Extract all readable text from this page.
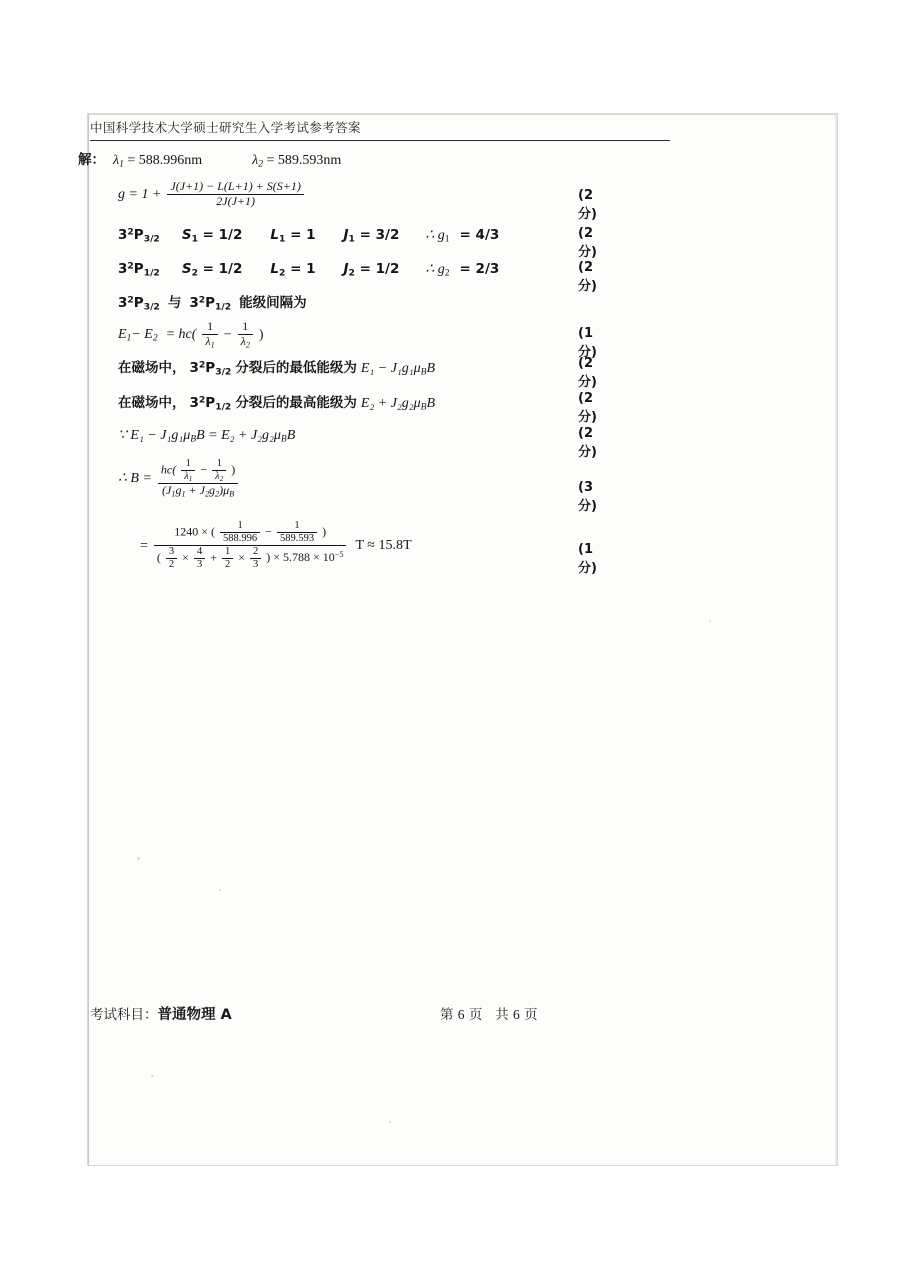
中国科学技术大学硕士研究生入学考试参考答案
解： $\lambda_1 = 588.996nm$	$\lambda_2 = 589.593nm$
$g = 1 + \frac{J(J+1) - L(L+1) + S(S+1)}{2J(J+1)}$	(2 分)
$3^2P_{3/2}$ $S_1 = 1/2$ $L_1 = 1$ $J_1 = 3/2$ ∴ $g_1 = 4/3$	(2 分)
$3^2P_{1/2}$ $S_2 = 1/2$ $L_2 = 1$ $J_2 = 1/2$ ∴ $g_2 = 2/3$	(2 分)
$3^2P_{3/2}$ 与 $3^2P_{1/2}$ 能级间隔为
$E_1- E_2 = hc( \frac{1}{\lambda_1} - \frac{1}{\lambda_2}$ )	(1 分)
在磁场中， $3^2P_{3/2}$ 分裂后的最低能级为 $E_1 - J_1g_1\mu_BB$	(2 分)
在磁场中， $3^2P_{1/2}$ 分裂后的最高能级为 $E_2 + J_2g_2\mu_BB$	(2 分)
∵ $E_1 - J_1g_1\mu_BB = E_2 + J_2g_2\mu_BB$	(2 分)
∴ B =
$hc( \frac{1}{\lambda_1} - \frac{1}{\lambda_2}$ )
$(J_1g_1 + J_2g_2)\mu_B$	(3 分)
=
1240 × ( $\frac{1}{588.996} - \frac{1}{589.593}$ )
( $\frac{3}{2} \times \frac{4}{3} + \frac{1}{2} \times \frac{2}{3}$ ) × $5.788 \times 10^{-5}$
T ≈ 15.8T	(1 分)
考试科目：普通物理 A	第 6 页 共 6 页
